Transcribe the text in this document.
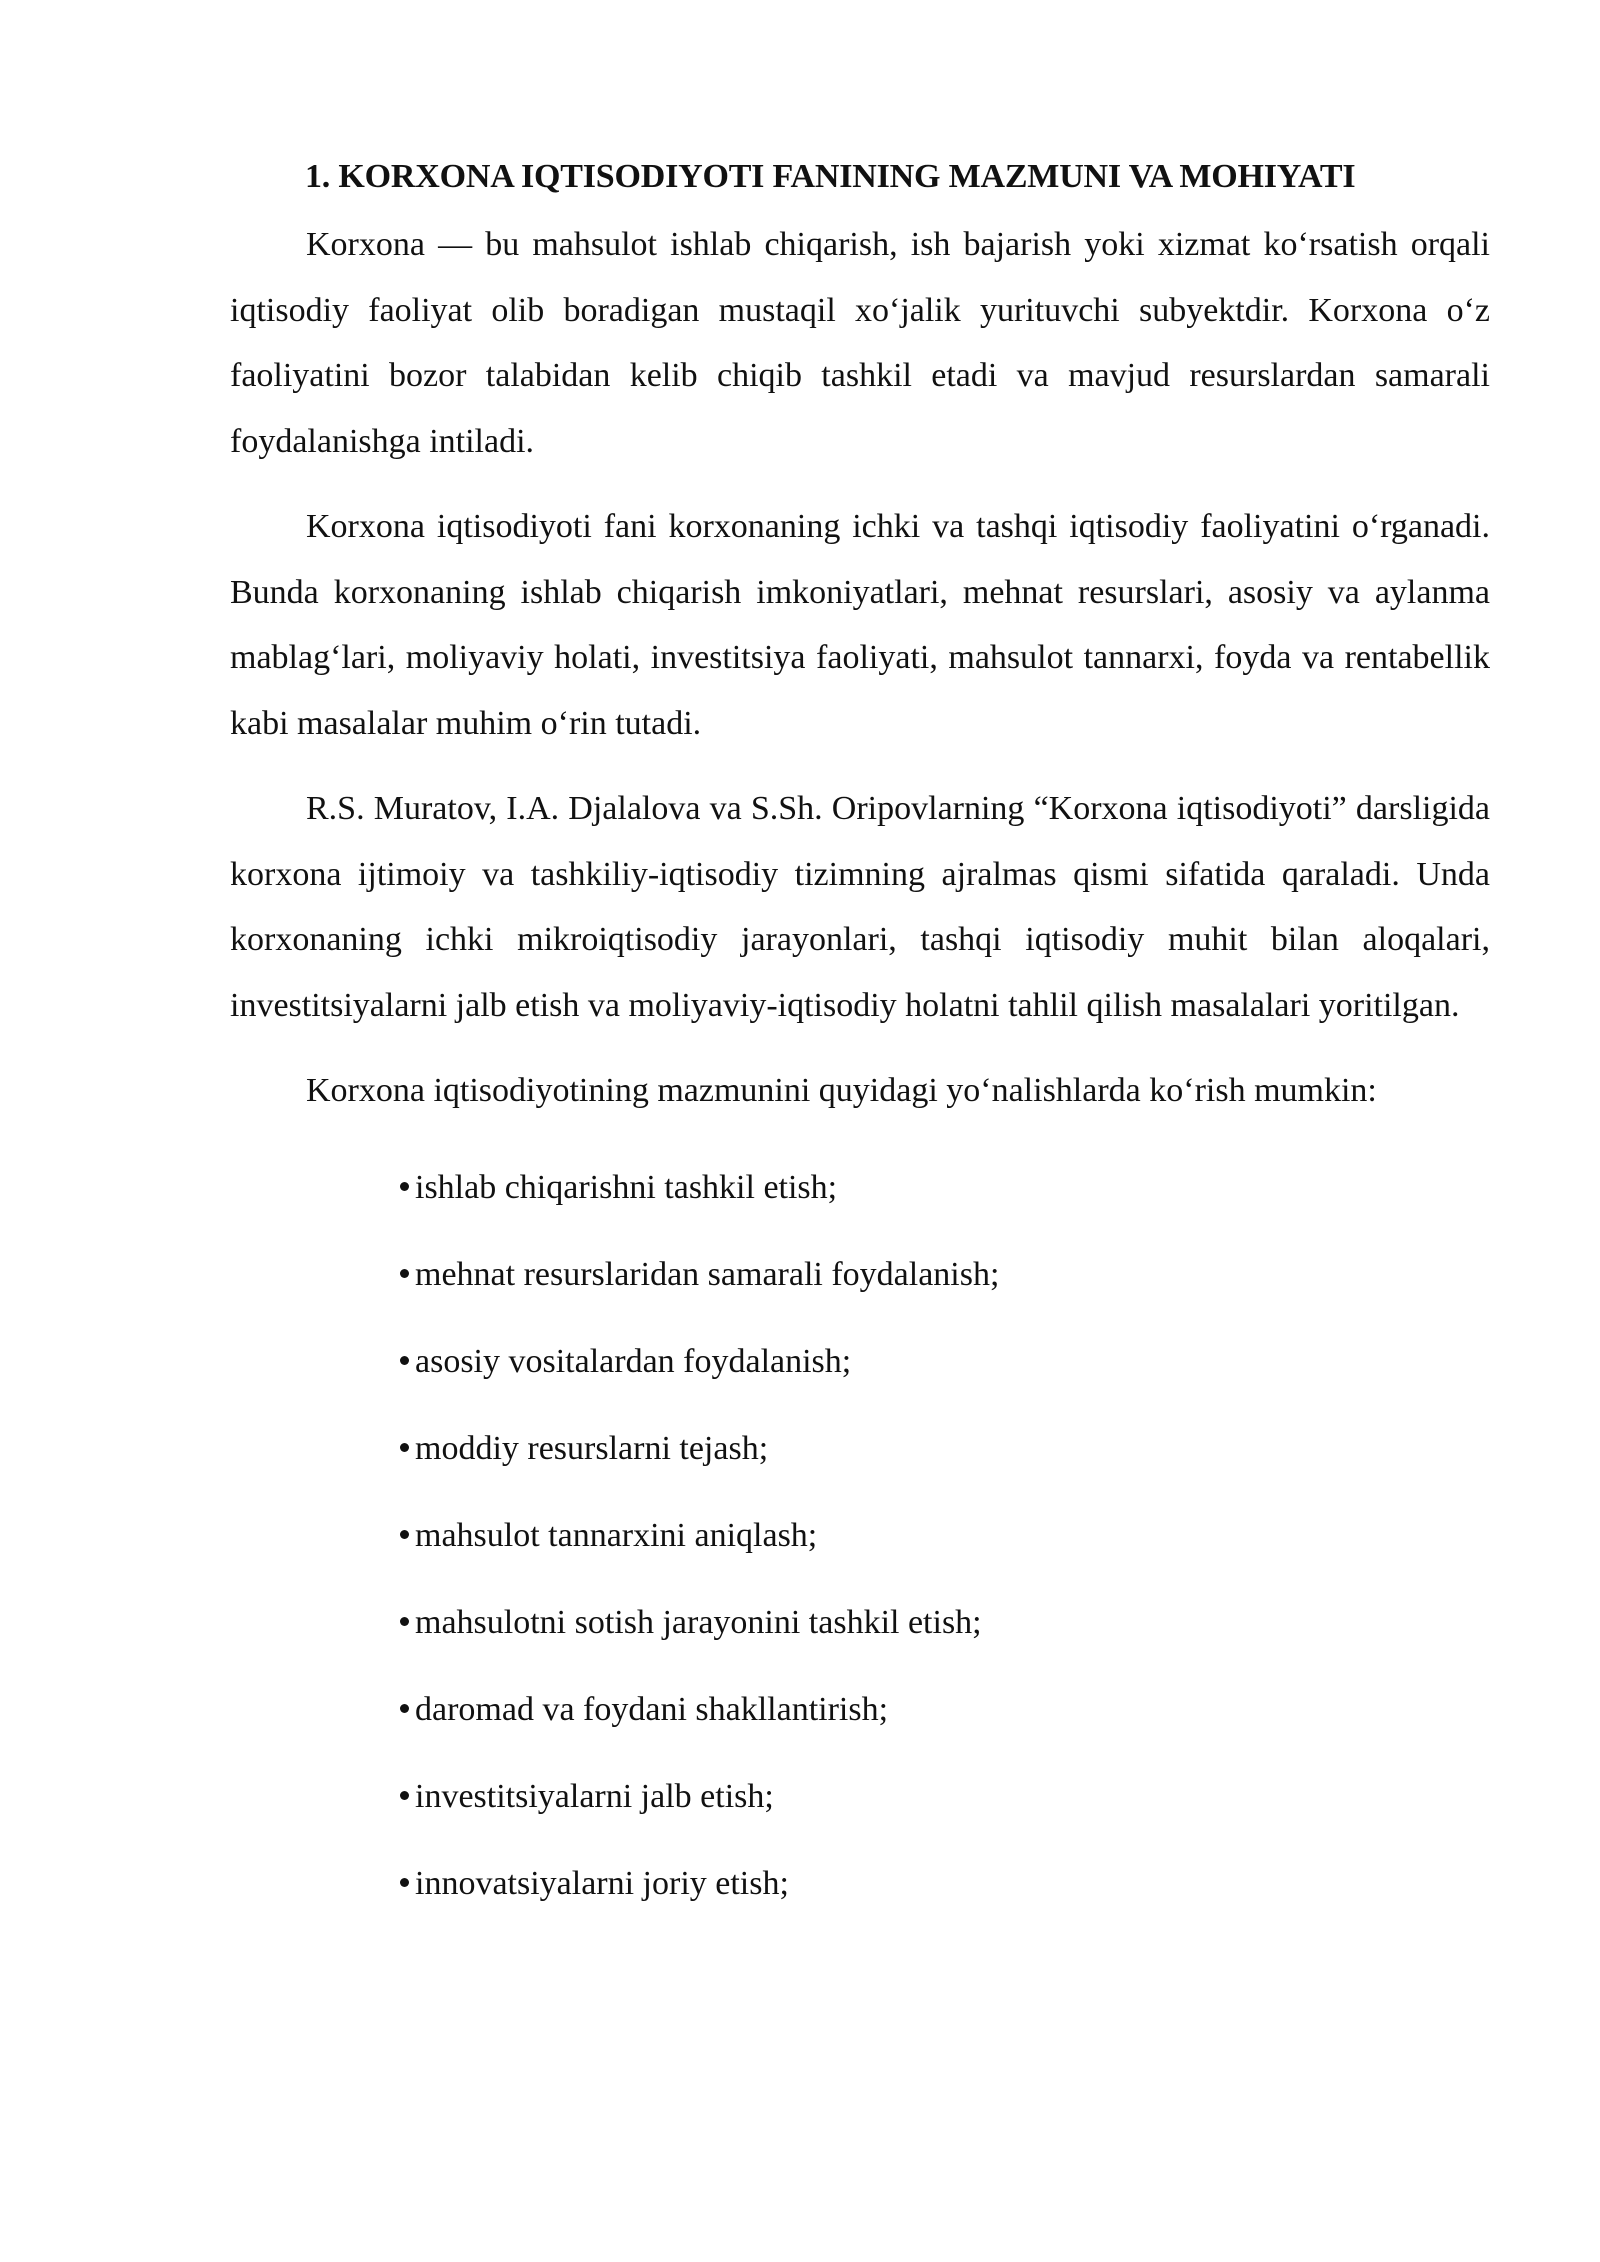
1. KORXONA IQTISODIYOTI FANINING MAZMUNI VA MOHIYATI

Korxona — bu mahsulot ishlab chiqarish, ish bajarish yoki xizmat koʻrsatish orqali iqtisodiy faoliyat olib boradigan mustaqil xoʻjalik yurituvchi subyektdir. Korxona oʻz faoliyatini bozor talabidan kelib chiqib tashkil etadi va mavjud resurslardan samarali foydalanishga intiladi.

Korxona iqtisodiyoti fani korxonaning ichki va tashqi iqtisodiy faoliyatini oʻrganadi. Bunda korxonaning ishlab chiqarish imkoniyatlari, mehnat resurslari, asosiy va aylanma mablagʻlari, moliyaviy holati, investitsiya faoliyati, mahsulot tannarxi, foyda va rentabellik kabi masalalar muhim oʻrin tutadi.

R.S. Muratov, I.A. Djalalova va S.Sh. Oripovlarning “Korxona iqtisodiyoti” darsligida korxona ijtimoiy va tashkiliy-iqtisodiy tizimning ajralmas qismi sifatida qaraladi. Unda korxonaning ichki mikroiqtisodiy jarayonlari, tashqi iqtisodiy muhit bilan aloqalari, investitsiyalarni jalb etish va moliyaviy-iqtisodiy holatni tahlil qilish masalalari yoritilgan.

Korxona iqtisodiyotining mazmunini quyidagi yoʻnalishlarda koʻrish mumkin:

ishlab chiqarishni tashkil etish;
mehnat resurslaridan samarali foydalanish;
asosiy vositalardan foydalanish;
moddiy resurslarni tejash;
mahsulot tannarxini aniqlash;
mahsulotni sotish jarayonini tashkil etish;
daromad va foydani shakllantirish;
investitsiyalarni jalb etish;
innovatsiyalarni joriy etish;
